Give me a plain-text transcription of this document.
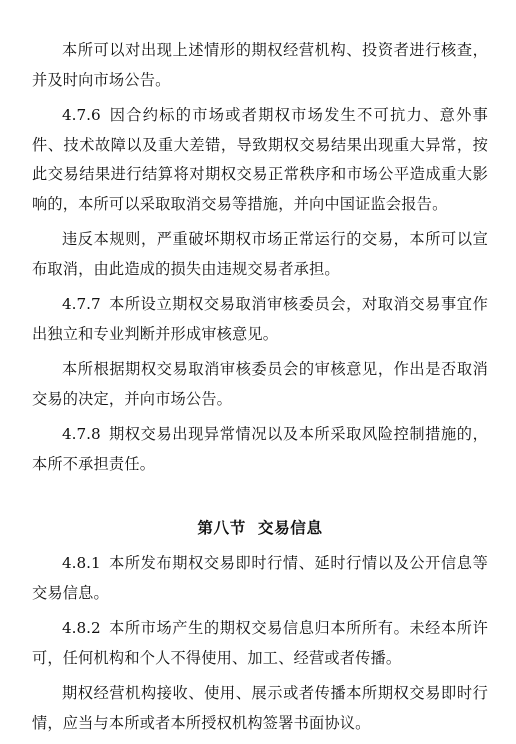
本所可以对出现上述情形的期权经营机构、投资者进行核查，并及时向市场公告。

4.7.6 因合约标的市场或者期权市场发生不可抗力、意外事件、技术故障以及重大差错，导致期权交易结果出现重大异常，按此交易结果进行结算将对期权交易正常秩序和市场公平造成重大影响的，本所可以采取取消交易等措施，并向中国证监会报告。

违反本规则，严重破坏期权市场正常运行的交易，本所可以宣布取消，由此造成的损失由违规交易者承担。

4.7.7 本所设立期权交易取消审核委员会，对取消交易事宜作出独立和专业判断并形成审核意见。

本所根据期权交易取消审核委员会的审核意见，作出是否取消交易的决定，并向市场公告。

4.7.8 期权交易出现异常情况以及本所采取风险控制措施的，本所不承担责任。

第八节 交易信息

4.8.1 本所发布期权交易即时行情、延时行情以及公开信息等交易信息。

4.8.2 本所市场产生的期权交易信息归本所所有。未经本所许可，任何机构和个人不得使用、加工、经营或者传播。

期权经营机构接收、使用、展示或者传播本所期权交易即时行情，应当与本所或者本所授权机构签署书面协议。
